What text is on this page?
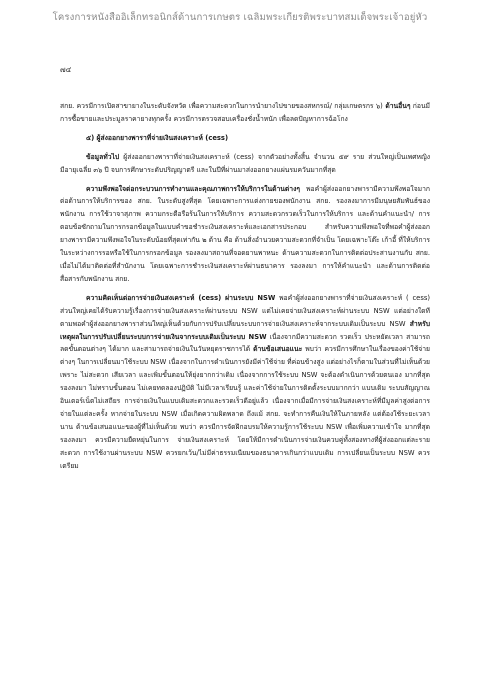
โครงการหนังสืออิเล็กทรอนิกส์ด้านการเกษตร เฉลิมพระเกียรติพระบาทสมเด็จพระเจ้าอยู่หัว
๗๔

สกย. ควรมีการเปิดสาขายางในระดับจังหวัด เพื่อความสะดวกในการนำยางไปขายของสหกรณ์/ กลุ่มเกษตรกร ๖) ด้านอื่นๆ ก่อนมีการซื้อขายและประมูลราคายางทุกครั้ง ควรมีการตรวจสอบเครื่องชั่งน้ำหนัก เพื่อลดปัญหาการฉ้อโกง

๕) ผู้ส่งออกยางพาราที่จ่ายเงินสงเคราะห์ (cess)

ข้อมูลทั่วไป ผู้ส่งออกยางพาราที่จ่ายเงินสงเคราะห์ (cess) จากตัวอย่างทั้งสิ้น จำนวน ๕๙ ราย ส่วนใหญ่เป็นเพศหญิง มีอายุเฉลี่ย ๓๖ ปี จบการศึกษาระดับปริญญาตรี และในปีที่ผ่านมาส่งออกยางแผ่นรมควันมากที่สุด

ความพึงพอใจต่อกระบวนการทำงานและคุณภาพการให้บริการในด้านต่างๆ พอคำผู้ส่งออกยางพารามีความพึงพอใจมากต่อด้านการให้บริการของ สกย. ในระดับสูงที่สุด โดยเฉพาะการแต่งกายของพนักงาน สกย. รองลงมาการมีมนุษยสัมพันธ์ของพนักงาน การใช้วาจาสุภาพ ความกระตือรือร้นในการให้บริการ ความสะดวกรวดเร็วในการให้บริการ และด้านคำแนะนำ/ การตอบข้อซักถามในการกรอกข้อมูลในแบบคำขอชำระเงินสงเคราะห์และเอกสารประกอบ สำหรับความพึงพอใจที่พอคำผู้ส่งออกยางพารามีความพึงพอใจในระดับน้อยที่สุดเท่ากัน ๒ ด้าน คือ ด้านสิ่งอำนวยความสะดวกที่จำเป็น โดยเฉพาะโต๊ะ เก้าอี้ ที่ให้บริการในระหว่างการรอหรือใช้ในการกรอกข้อมูล รองลงมาสถานที่จอดยานพาหนะ ด้านความสะดวกในการติดต่อประสานงานกับ สกย. เมื่อไม่ได้มาติดต่อที่สำนักงาน โดยเฉพาะการชำระเงินสงเคราะห์ผ่านธนาคาร รองลงมา การให้คำแนะนำ และด้านการติดต่อสื่อสารกับพนักงาน สกย.

ความคิดเห็นต่อการจ่ายเงินสงเคราะห์ (cess) ผ่านระบบ NSW พอคำผู้ส่งออกยางพาราที่จ่ายเงินสงเคราะห์ ( cess) ส่วนใหญ่เคยได้รับความรู้เรื่องการจ่ายเงินสงเคราะห์ผ่านระบบ NSW แต่ไม่เคยจ่ายเงินสงเคราะห์ผ่านระบบ NSW แต่อย่างใดทีตามพอคำผู้ส่งออกยางพาราส่วนใหญ่เห็นด้วยกับการปรับเปลี่ยนระบบการจ่ายเงินสงเคราะห์จากระบบเดิมเป็นระบบ NSW สำหรับเหตุผลในการปรับเปลี่ยนระบบการจ่ายเงินจากระบบเดิมเป็นระบบ NSW เนื่องจากมีความสะดวก รวดเร็ว ประหยัดเวลา สามารถลดขั้นตอนต่างๆ ได้มาก และสามารถจ่ายเงินในวันหยุดราชการได้ ด้านข้อเสนอแนะ พบว่า ควรมีการศึกษาในเรื่องของค่าใช้จ่ายต่างๆ ในการเปลี่ยนมาใช้ระบบ NSW เนื่องจากในการดำเนินการยังมีค่าใช้จ่าย ที่ค่อนข้างสูง แต่อย่างไรก็ตามในส่วนที่ไม่เห็นด้วย เพราะ ไม่สะดวก เสียเวลา และเพิ่มขั้นตอนให้ยุ่งยากกว่าเดิม เนื่องจากการใช้ระบบ NSW จะต้องดำเนินการด้วยตนเอง มากที่สุด รองลงมา ไม่ทราบขั้นตอน ไม่เคยทดลองปฏิบัติ ไม่มีเวลาเรียนรู้ และค่าใช้จ่ายในการติดตั้งระบบมากกว่า แบบเดิม ระบบสัญญาณอินเตอร์เน็ตไม่เสถียร การจ่ายเงินในแบบเดิมสะดวกและรวดเร็วดีอยู่แล้ว เนื่องจากเมื่อมีการจ่ายเงินสงเคราะห์ที่มีมูลค่าสูงต่อการจ่ายในแต่ละครั้ง หากจ่ายในระบบ NSW เมื่อเกิดความผิดพลาด ถึงแม้ สกย. จะทำการคืนเงินให้ในภายหลัง แต่ต้องใช้ระยะเวลานาน ด้านข้อเสนอแนะของผู้ที่ไม่เห็นด้วย พบว่า ควรมีการจัดฝึกอบรมให้ความรู้การใช้ระบบ NSW เพื่อเพิ่มความเข้าใจ มากที่สุด รองลงมา ควรมีความยืดหยุ่นในการ จ่ายเงินสงเคราะห์ โดยให้มีการดำเนินการจ่ายเงินควบคู่ทั้งสองทางที่ผู้ส่งออกแต่ละรายสะดวก การใช้งานผ่านระบบ NSW ควรยกเว้น/ไม่มีค่าธรรมเนียมของธนาคารเกินกว่าแบบเดิม การเปลี่ยนเป็นระบบ NSW ควรเตรียม
